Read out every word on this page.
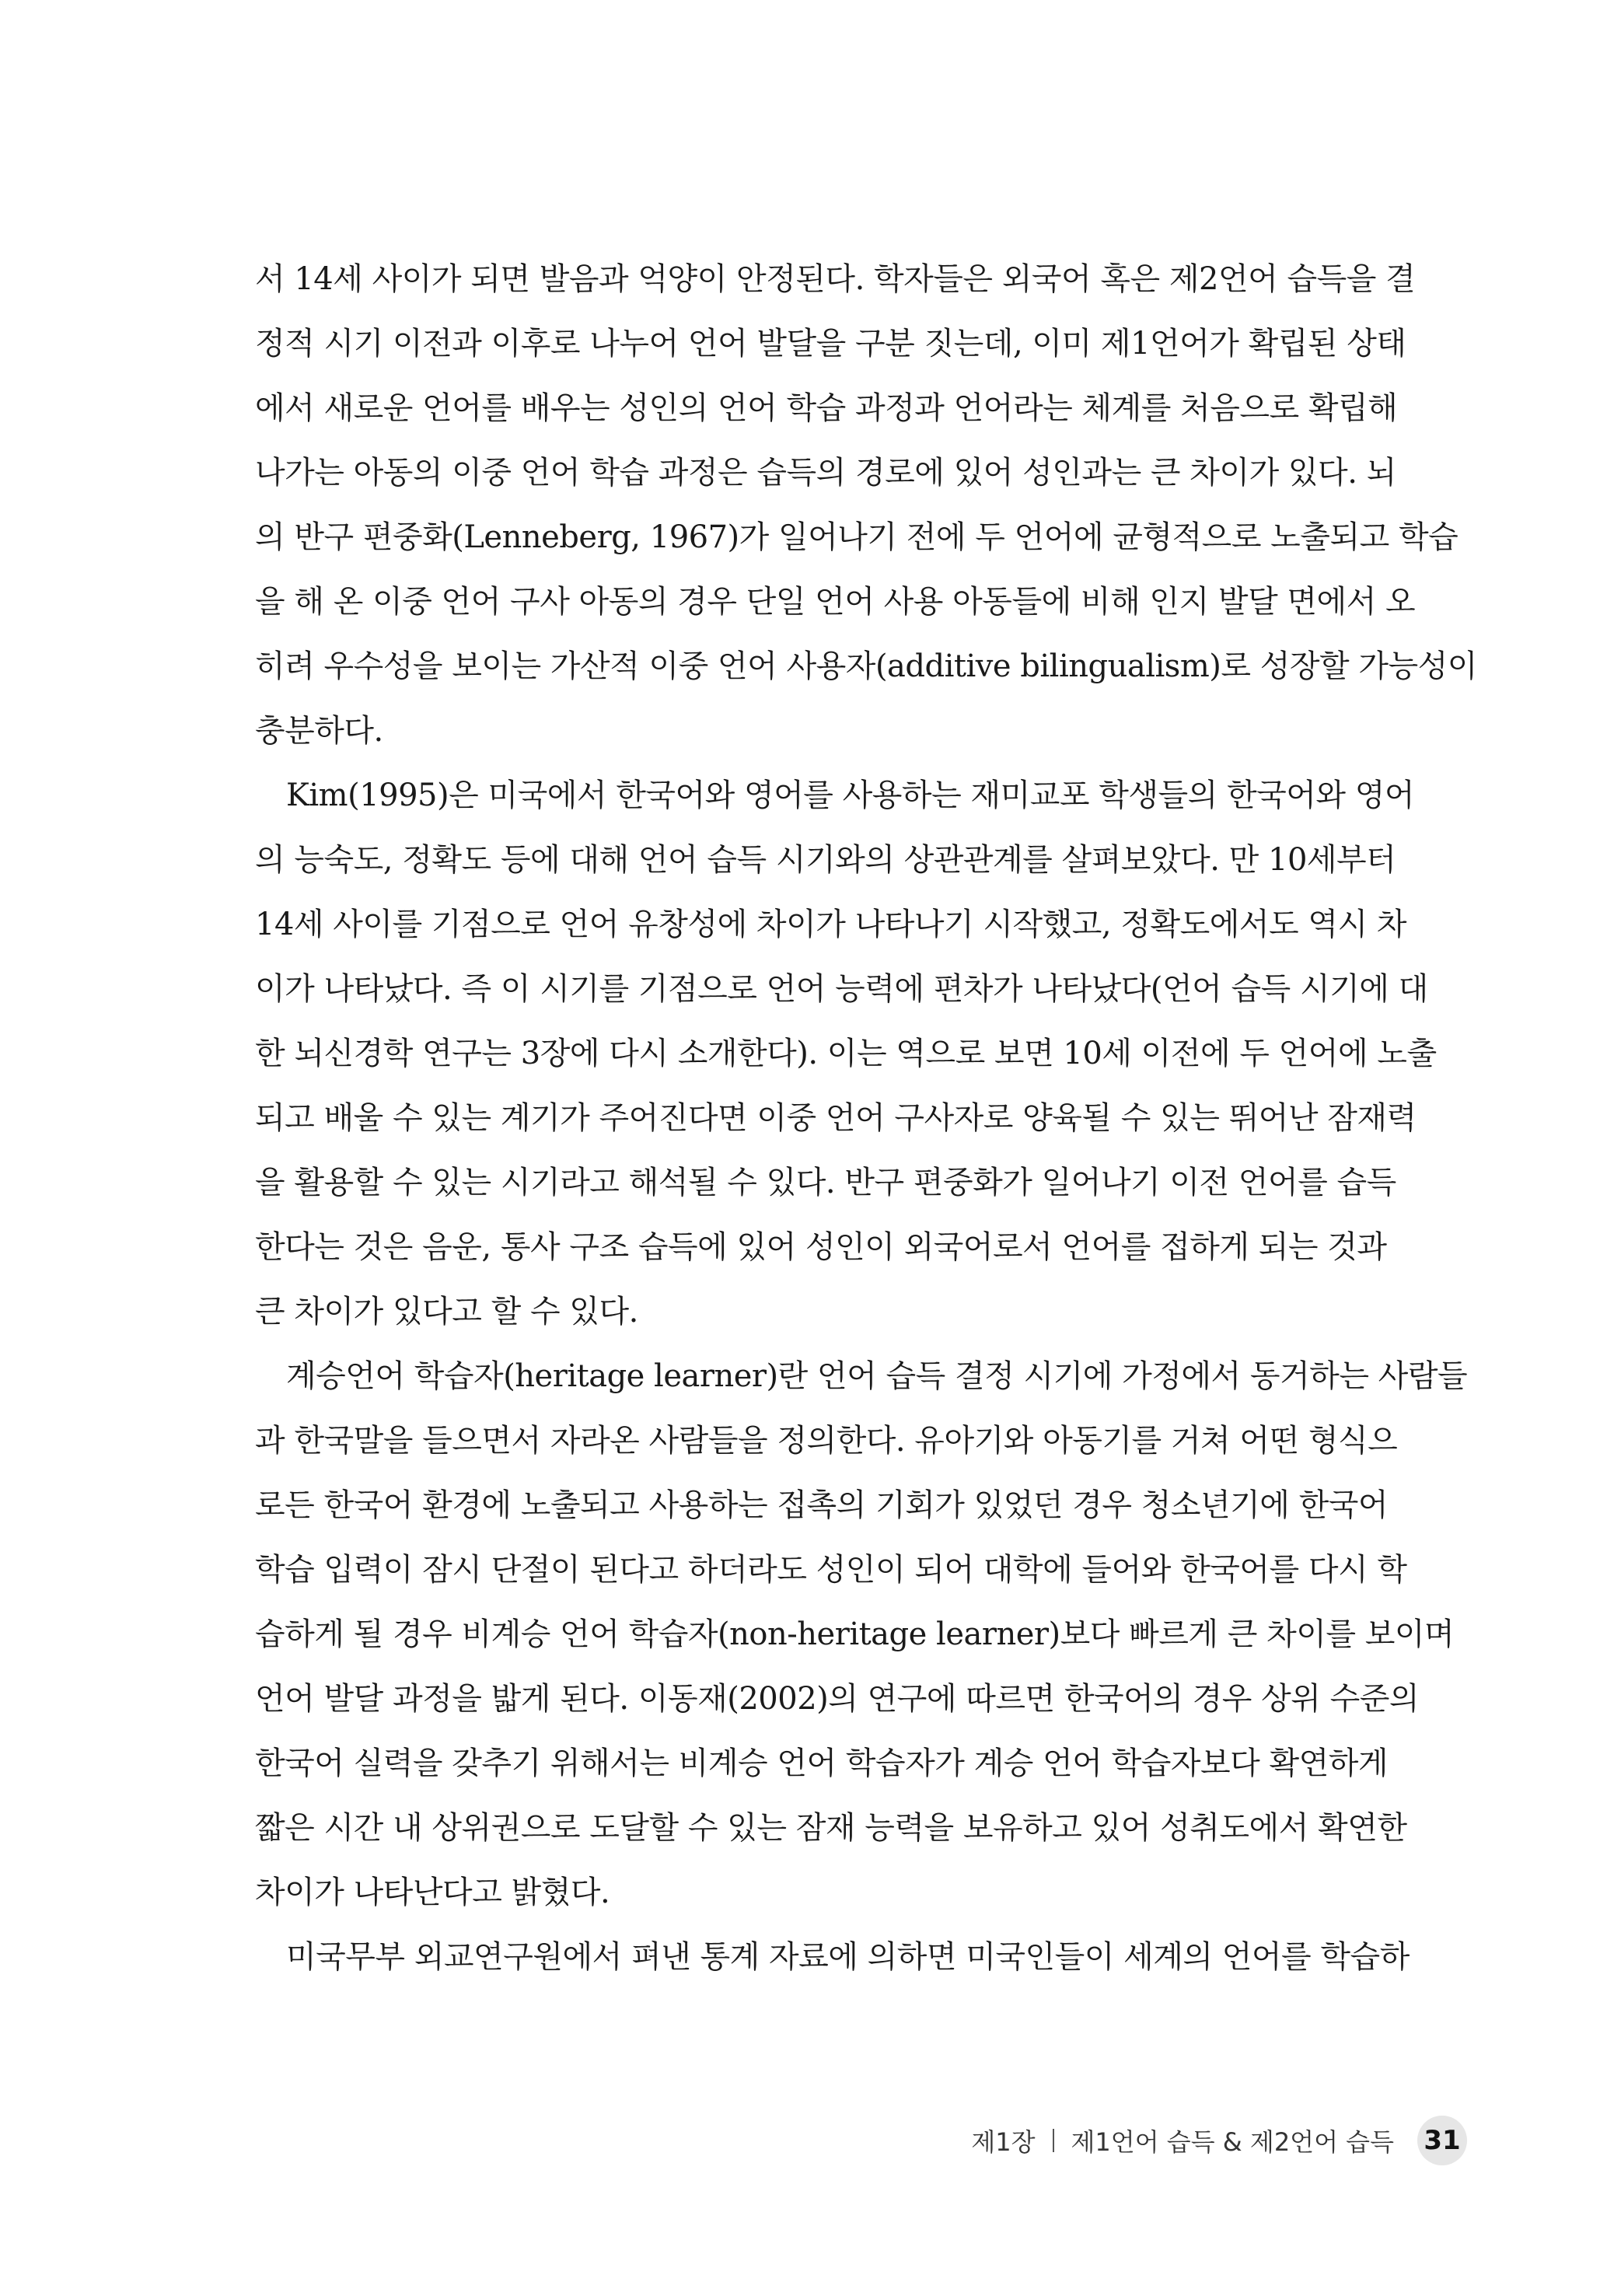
서 14세 사이가 되면 발음과 억양이 안정된다. 학자들은 외국어 혹은 제2언어 습득을 결
정적 시기 이전과 이후로 나누어 언어 발달을 구분 짓는데, 이미 제1언어가 확립된 상태
에서 새로운 언어를 배우는 성인의 언어 학습 과정과 언어라는 체계를 처음으로 확립해
나가는 아동의 이중 언어 학습 과정은 습득의 경로에 있어 성인과는 큰 차이가 있다. 뇌
의 반구 편중화(Lenneberg, 1967)가 일어나기 전에 두 언어에 균형적으로 노출되고 학습
을 해 온 이중 언어 구사 아동의 경우 단일 언어 사용 아동들에 비해 인지 발달 면에서 오
히려 우수성을 보이는 가산적 이중 언어 사용자(additive bilingualism)로 성장할 가능성이
충분하다.
Kim(1995)은 미국에서 한국어와 영어를 사용하는 재미교포 학생들의 한국어와 영어
의 능숙도, 정확도 등에 대해 언어 습득 시기와의 상관관계를 살펴보았다. 만 10세부터
14세 사이를 기점으로 언어 유창성에 차이가 나타나기 시작했고, 정확도에서도 역시 차
이가 나타났다. 즉 이 시기를 기점으로 언어 능력에 편차가 나타났다(언어 습득 시기에 대
한 뇌신경학 연구는 3장에 다시 소개한다). 이는 역으로 보면 10세 이전에 두 언어에 노출
되고 배울 수 있는 계기가 주어진다면 이중 언어 구사자로 양육될 수 있는 뛰어난 잠재력
을 활용할 수 있는 시기라고 해석될 수 있다. 반구 편중화가 일어나기 이전 언어를 습득
한다는 것은 음운, 통사 구조 습득에 있어 성인이 외국어로서 언어를 접하게 되는 것과
큰 차이가 있다고 할 수 있다.
계승언어 학습자(heritage learner)란 언어 습득 결정 시기에 가정에서 동거하는 사람들
과 한국말을 들으면서 자라온 사람들을 정의한다. 유아기와 아동기를 거쳐 어떤 형식으
로든 한국어 환경에 노출되고 사용하는 접촉의 기회가 있었던 경우 청소년기에 한국어
학습 입력이 잠시 단절이 된다고 하더라도 성인이 되어 대학에 들어와 한국어를 다시 학
습하게 될 경우 비계승 언어 학습자(non-heritage learner)보다 빠르게 큰 차이를 보이며
언어 발달 과정을 밟게 된다. 이동재(2002)의 연구에 따르면 한국어의 경우 상위 수준의
한국어 실력을 갖추기 위해서는 비계승 언어 학습자가 계승 언어 학습자보다 확연하게
짧은 시간 내 상위권으로 도달할 수 있는 잠재 능력을 보유하고 있어 성취도에서 확연한
차이가 나타난다고 밝혔다.
미국무부 외교연구원에서 펴낸 통계 자료에 의하면 미국인들이 세계의 언어를 학습하
제1장 제1언어 습득 & 제2언어 습득 31
